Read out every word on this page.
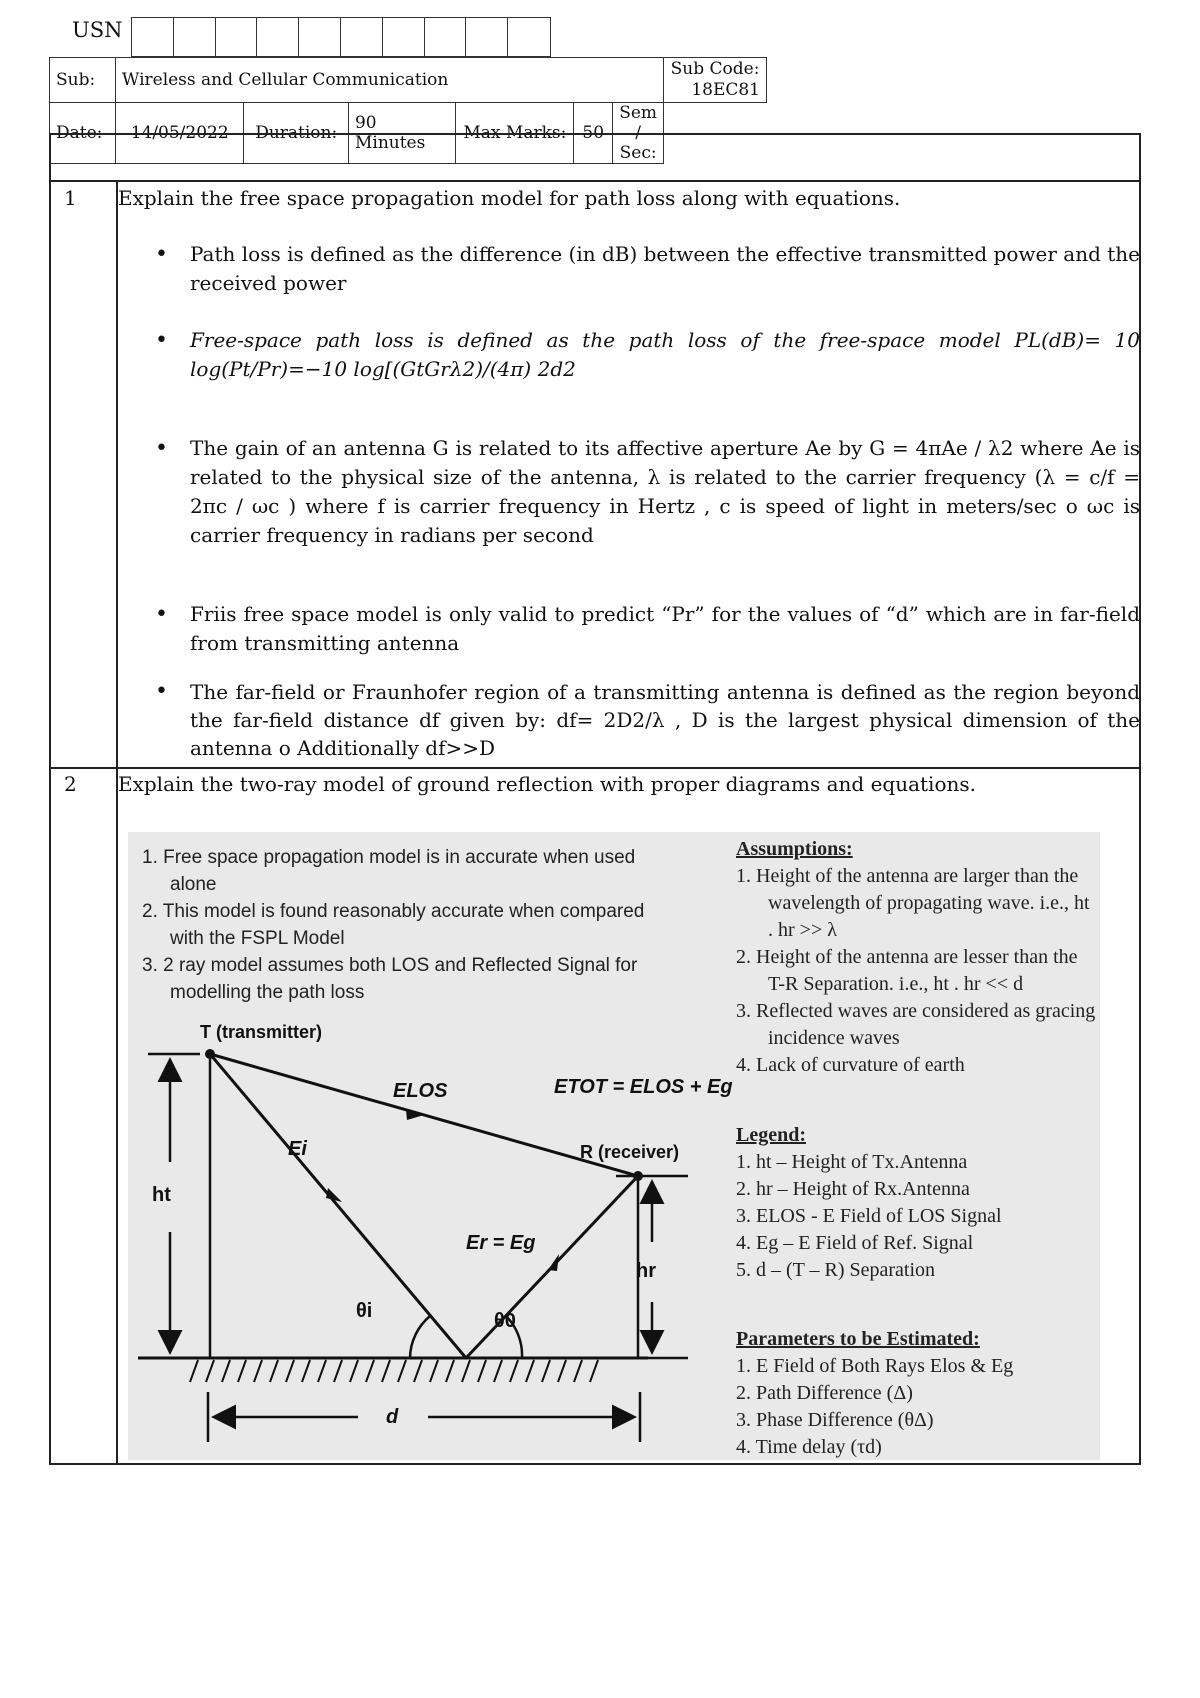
USN
Sub:	Wireless and Cellular Communication						Sub Code:
18EC81

Date:	14/05/2022	Duration:	90 Minutes	Max Marks:	50	Sem / Sec:	
1 Explain the free space propagation model for path loss along with equations.
• Path loss is defined as the difference (in dB) between the effective transmitted power and the received power
• Free-space path loss is defined as the path loss of the free-space model PL(dB)= 10 log(Pt/Pr)=−10 log[(GtGrλ2)/(4π) 2d2
• The gain of an antenna G is related to its affective aperture Ae by G = 4πAe / λ2 where Ae is related to the physical size of the antenna, λ is related to the carrier frequency (λ = c/f = 2πc / ωc ) where f is carrier frequency in Hertz , c is speed of light in meters/sec o ωc is carrier frequency in radians per second
• Friis free space model is only valid to predict “Pr” for the values of “d” which are in far-field from transmitting antenna
• The far-field or Fraunhofer region of a transmitting antenna is defined as the region beyond the far-field distance df given by: df= 2D2/λ , D is the largest physical dimension of the antenna o Additionally df>>D
2 Explain the two-ray model of ground reflection with proper diagrams and equations.
1. Free space propagation model is in accurate when used alone
2. This model is found reasonably accurate when compared with the FSPL Model
3. 2 ray model assumes both LOS and Reflected Signal for modelling the path loss
T (transmitter)
R (receiver)
ELOS	ETOT = ELOS + Eg
Ei
Er = Eg
ht
hr
θi	θ0
d
Assumptions:
1. Height of the antenna are larger than the wavelength of propagating wave. i.e., ht . hr >> λ
2. Height of the antenna are lesser than the T-R Separation. i.e., ht . hr << d
3. Reflected waves are considered as gracing incidence waves
4. Lack of curvature of earth
Legend:
1. ht – Height of Tx.Antenna
2. hr – Height of Rx.Antenna
3. ELOS - E Field of LOS Signal
4. Eg – E Field of Ref. Signal
5. d – (T – R) Separation
Parameters to be Estimated:
1. E Field of Both Rays Elos & Eg
2. Path Difference (Δ)
3. Phase Difference (θΔ)
4. Time delay (τd)
